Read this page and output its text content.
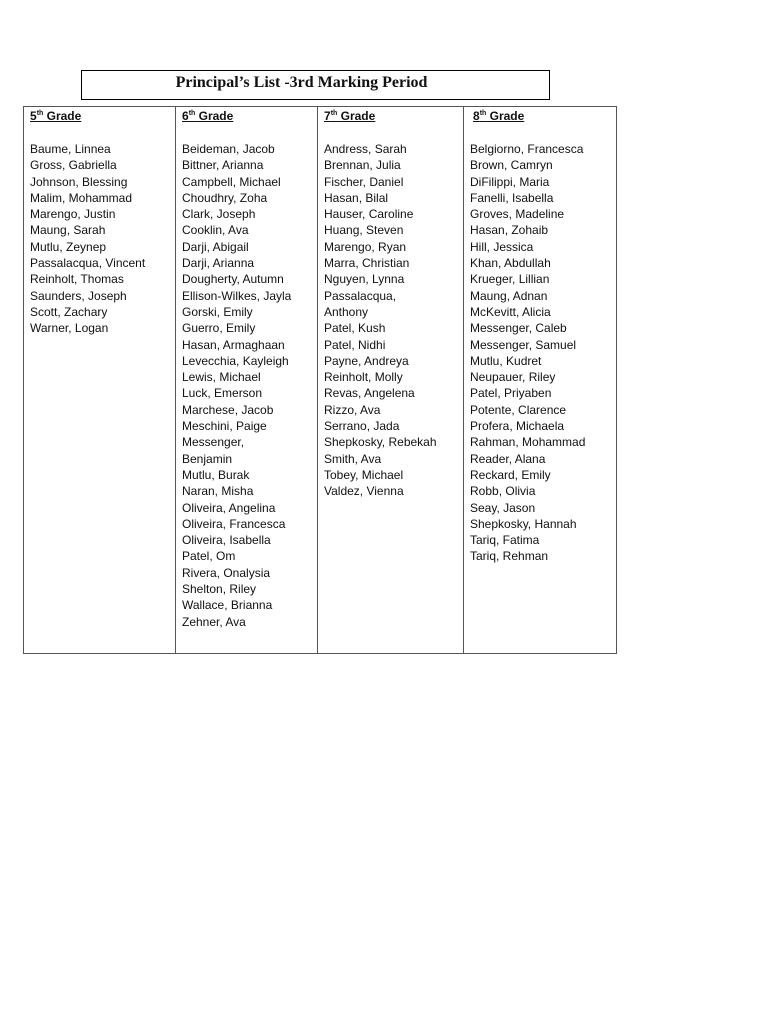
Principal’s List -3rd Marking Period
5th Grade
Baume, Linnea
Gross, Gabriella
Johnson, Blessing
Malim, Mohammad
Marengo, Justin
Maung, Sarah
Mutlu, Zeynep
Passalacqua, Vincent
Reinholt, Thomas
Saunders, Joseph
Scott, Zachary
Warner, Logan
6th Grade
Beideman, Jacob
Bittner, Arianna
Campbell, Michael
Choudhry, Zoha
Clark, Joseph
Cooklin, Ava
Darji, Abigail
Darji, Arianna
Dougherty, Autumn
Ellison-Wilkes, Jayla
Gorski, Emily
Guerro, Emily
Hasan, Armaghaan
Levecchia, Kayleigh
Lewis, Michael
Luck, Emerson
Marchese, Jacob
Meschini, Paige
Messenger,
Benjamin
Mutlu, Burak
Naran, Misha
Oliveira, Angelina
Oliveira, Francesca
Oliveira, Isabella
Patel, Om
Rivera, Onalysia
Shelton, Riley
Wallace, Brianna
Zehner, Ava
7th Grade
Andress, Sarah
Brennan, Julia
Fischer, Daniel
Hasan, Bilal
Hauser, Caroline
Huang, Steven
Marengo, Ryan
Marra, Christian
Nguyen, Lynna
Passalacqua,
Anthony
Patel, Kush
Patel, Nidhi
Payne, Andreya
Reinholt, Molly
Revas, Angelena
Rizzo, Ava
Serrano, Jada
Shepkosky, Rebekah
Smith, Ava
Tobey, Michael
Valdez, Vienna
8th Grade
Belgiorno, Francesca
Brown, Camryn
DiFilippi, Maria
Fanelli, Isabella
Groves, Madeline
Hasan, Zohaib
Hill, Jessica
Khan, Abdullah
Krueger, Lillian
Maung, Adnan
McKevitt, Alicia
Messenger, Caleb
Messenger, Samuel
Mutlu, Kudret
Neupauer, Riley
Patel, Priyaben
Potente, Clarence
Profera, Michaela
Rahman, Mohammad
Reader, Alana
Reckard, Emily
Robb, Olivia
Seay, Jason
Shepkosky, Hannah
Tariq, Fatima
Tariq, Rehman
